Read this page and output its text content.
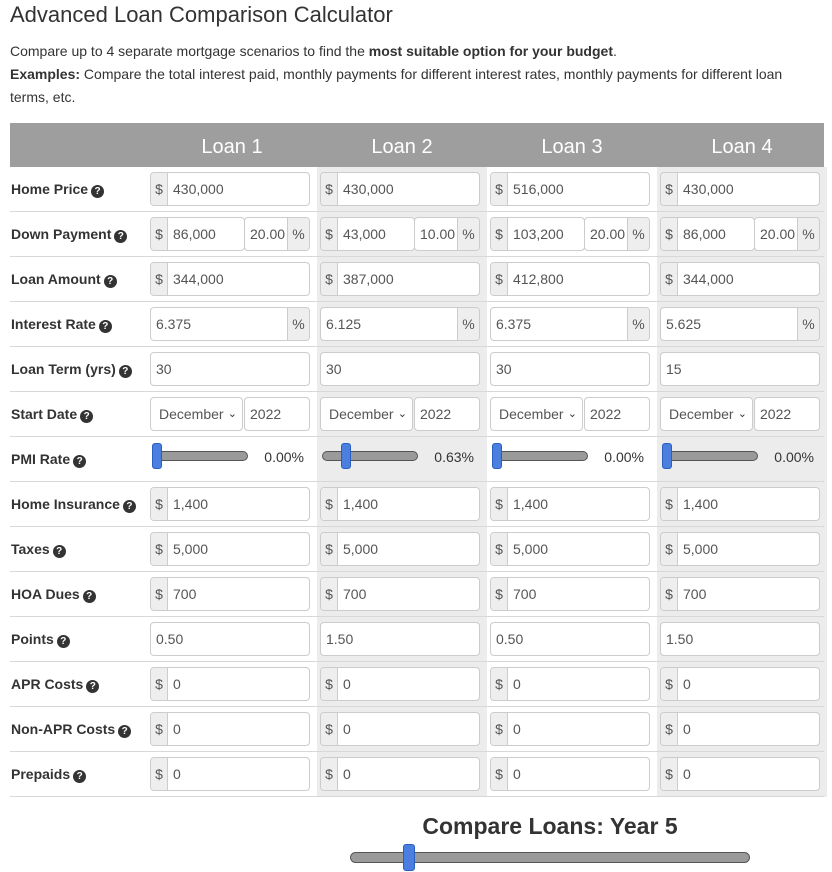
Advanced Loan Comparison Calculator
Compare up to 4 separate mortgage scenarios to find the most suitable option for your budget.
Examples: Compare the total interest paid, monthly payments for different interest rates, monthly payments for different loan terms, etc.
Loan 1	Loan 2	Loan 3	Loan 4
Home Price ?	$ 430,000	$ 430,000	$ 516,000	$ 430,000
Down Payment ? $ 86,000	20.00 %	$ 43,000	10.00 %	$ 103,200	20.00 %	$ 86,000	20.00 %
Loan Amount ?	$ 344,000	$ 387,000	$ 412,800	$ 344,000
Interest Rate ?	6.375	%	6.125	%	6.375	%	5.625	%
Loan Term (yrs) ?	30	30	30	15
Start Date ?	December ⌄ 2022	December ⌄ 2022	December ⌄ 2022	December ⌄ 2022
PMI Rate ?	0.00%	0.63%	0.00%	0.00%
Home Insurance ? $ 1,400	$ 1,400	$ 1,400	$ 1,400
Taxes ?	$ 5,000	$ 5,000	$ 5,000	$ 5,000
HOA Dues ?	$ 700	$ 700	$ 700	$ 700
Points ?	0.50	1.50	0.50	1.50
APR Costs ?	$ 0	$ 0	$ 0	$ 0
Non-APR Costs ? $ 0	$ 0	$ 0	$ 0
Prepaids ?	$ 0	$ 0	$ 0	$ 0
Compare Loans: Year 5
